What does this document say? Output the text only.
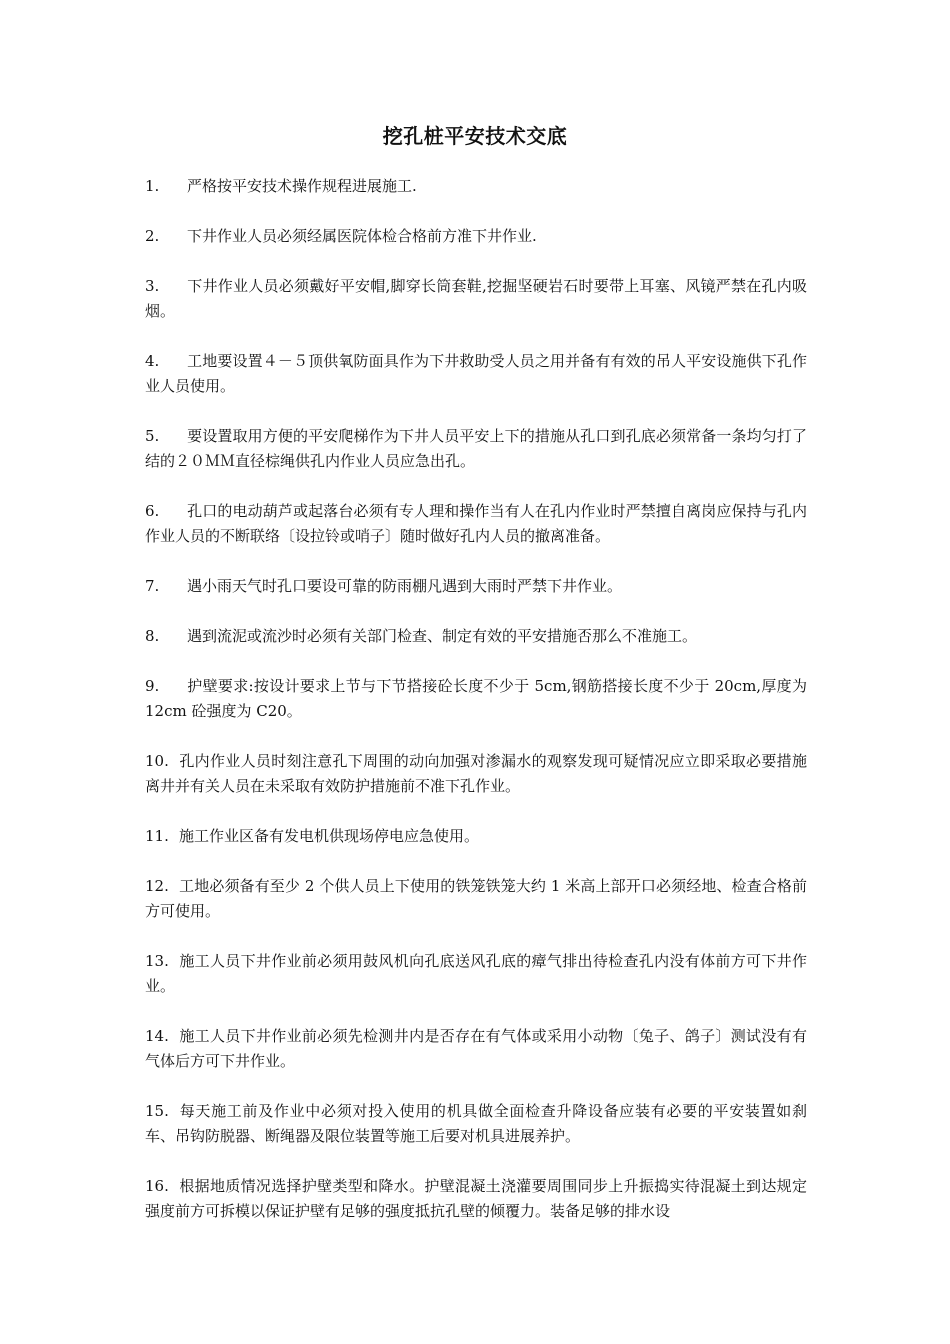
挖孔桩平安技术交底
1. 严格按平安技术操作规程进展施工.
2. 下井作业人员必须经属医院体检合格前方准下井作业.
3. 下井作业人员必须戴好平安帽,脚穿长筒套鞋,挖掘坚硬岩石时要带上耳塞、风镜严禁在孔内吸烟。
4. 工地要设置４－５顶供氧防面具作为下井救助受人员之用并备有有效的吊人平安设施供下孔作业人员使用。
5. 要设置取用方便的平安爬梯作为下井人员平安上下的措施从孔口到孔底必须常备一条均匀打了结的２０ＭＭ直径棕绳供孔内作业人员应急出孔。
6. 孔口的电动葫芦或起落台必须有专人理和操作当有人在孔内作业时严禁擅自离岗应保持与孔内作业人员的不断联络〔设拉铃或哨子〕随时做好孔内人员的撤离准备。
7. 遇小雨天气时孔口要设可靠的防雨棚凡遇到大雨时严禁下井作业。
8. 遇到流泥或流沙时必须有关部门检查、制定有效的平安措施否那么不准施工。
9. 护壁要求:按设计要求上节与下节搭接砼长度不少于 5cm,钢筋搭接长度不少于 20cm,厚度为 12cm 砼强度为 C20。
10. 孔内作业人员时刻注意孔下周围的动向加强对渗漏水的观察发现可疑情况应立即采取必要措施离井并有关人员在未采取有效防护措施前不准下孔作业。
11. 施工作业区备有发电机供现场停电应急使用。
12. 工地必须备有至少 2 个供人员上下使用的铁笼铁笼大约 1 米高上部开口必须经地、检查合格前方可使用。
13. 施工人员下井作业前必须用鼓风机向孔底送风孔底的瘴气排出待检查孔内没有体前方可下井作业。
14. 施工人员下井作业前必须先检测井内是否存在有气体或采用小动物〔兔子、鸽子〕测试没有有气体后方可下井作业。
15. 每天施工前及作业中必须对投入使用的机具做全面检查升降设备应装有必要的平安装置如刹车、吊钩防脱器、断绳器及限位装置等施工后要对机具进展养护。
16. 根据地质情况选择护壁类型和降水。护壁混凝土浇灌要周围同步上升振捣实待混凝土到达规定强度前方可拆模以保证护壁有足够的强度抵抗孔壁的倾覆力。装备足够的排水设
